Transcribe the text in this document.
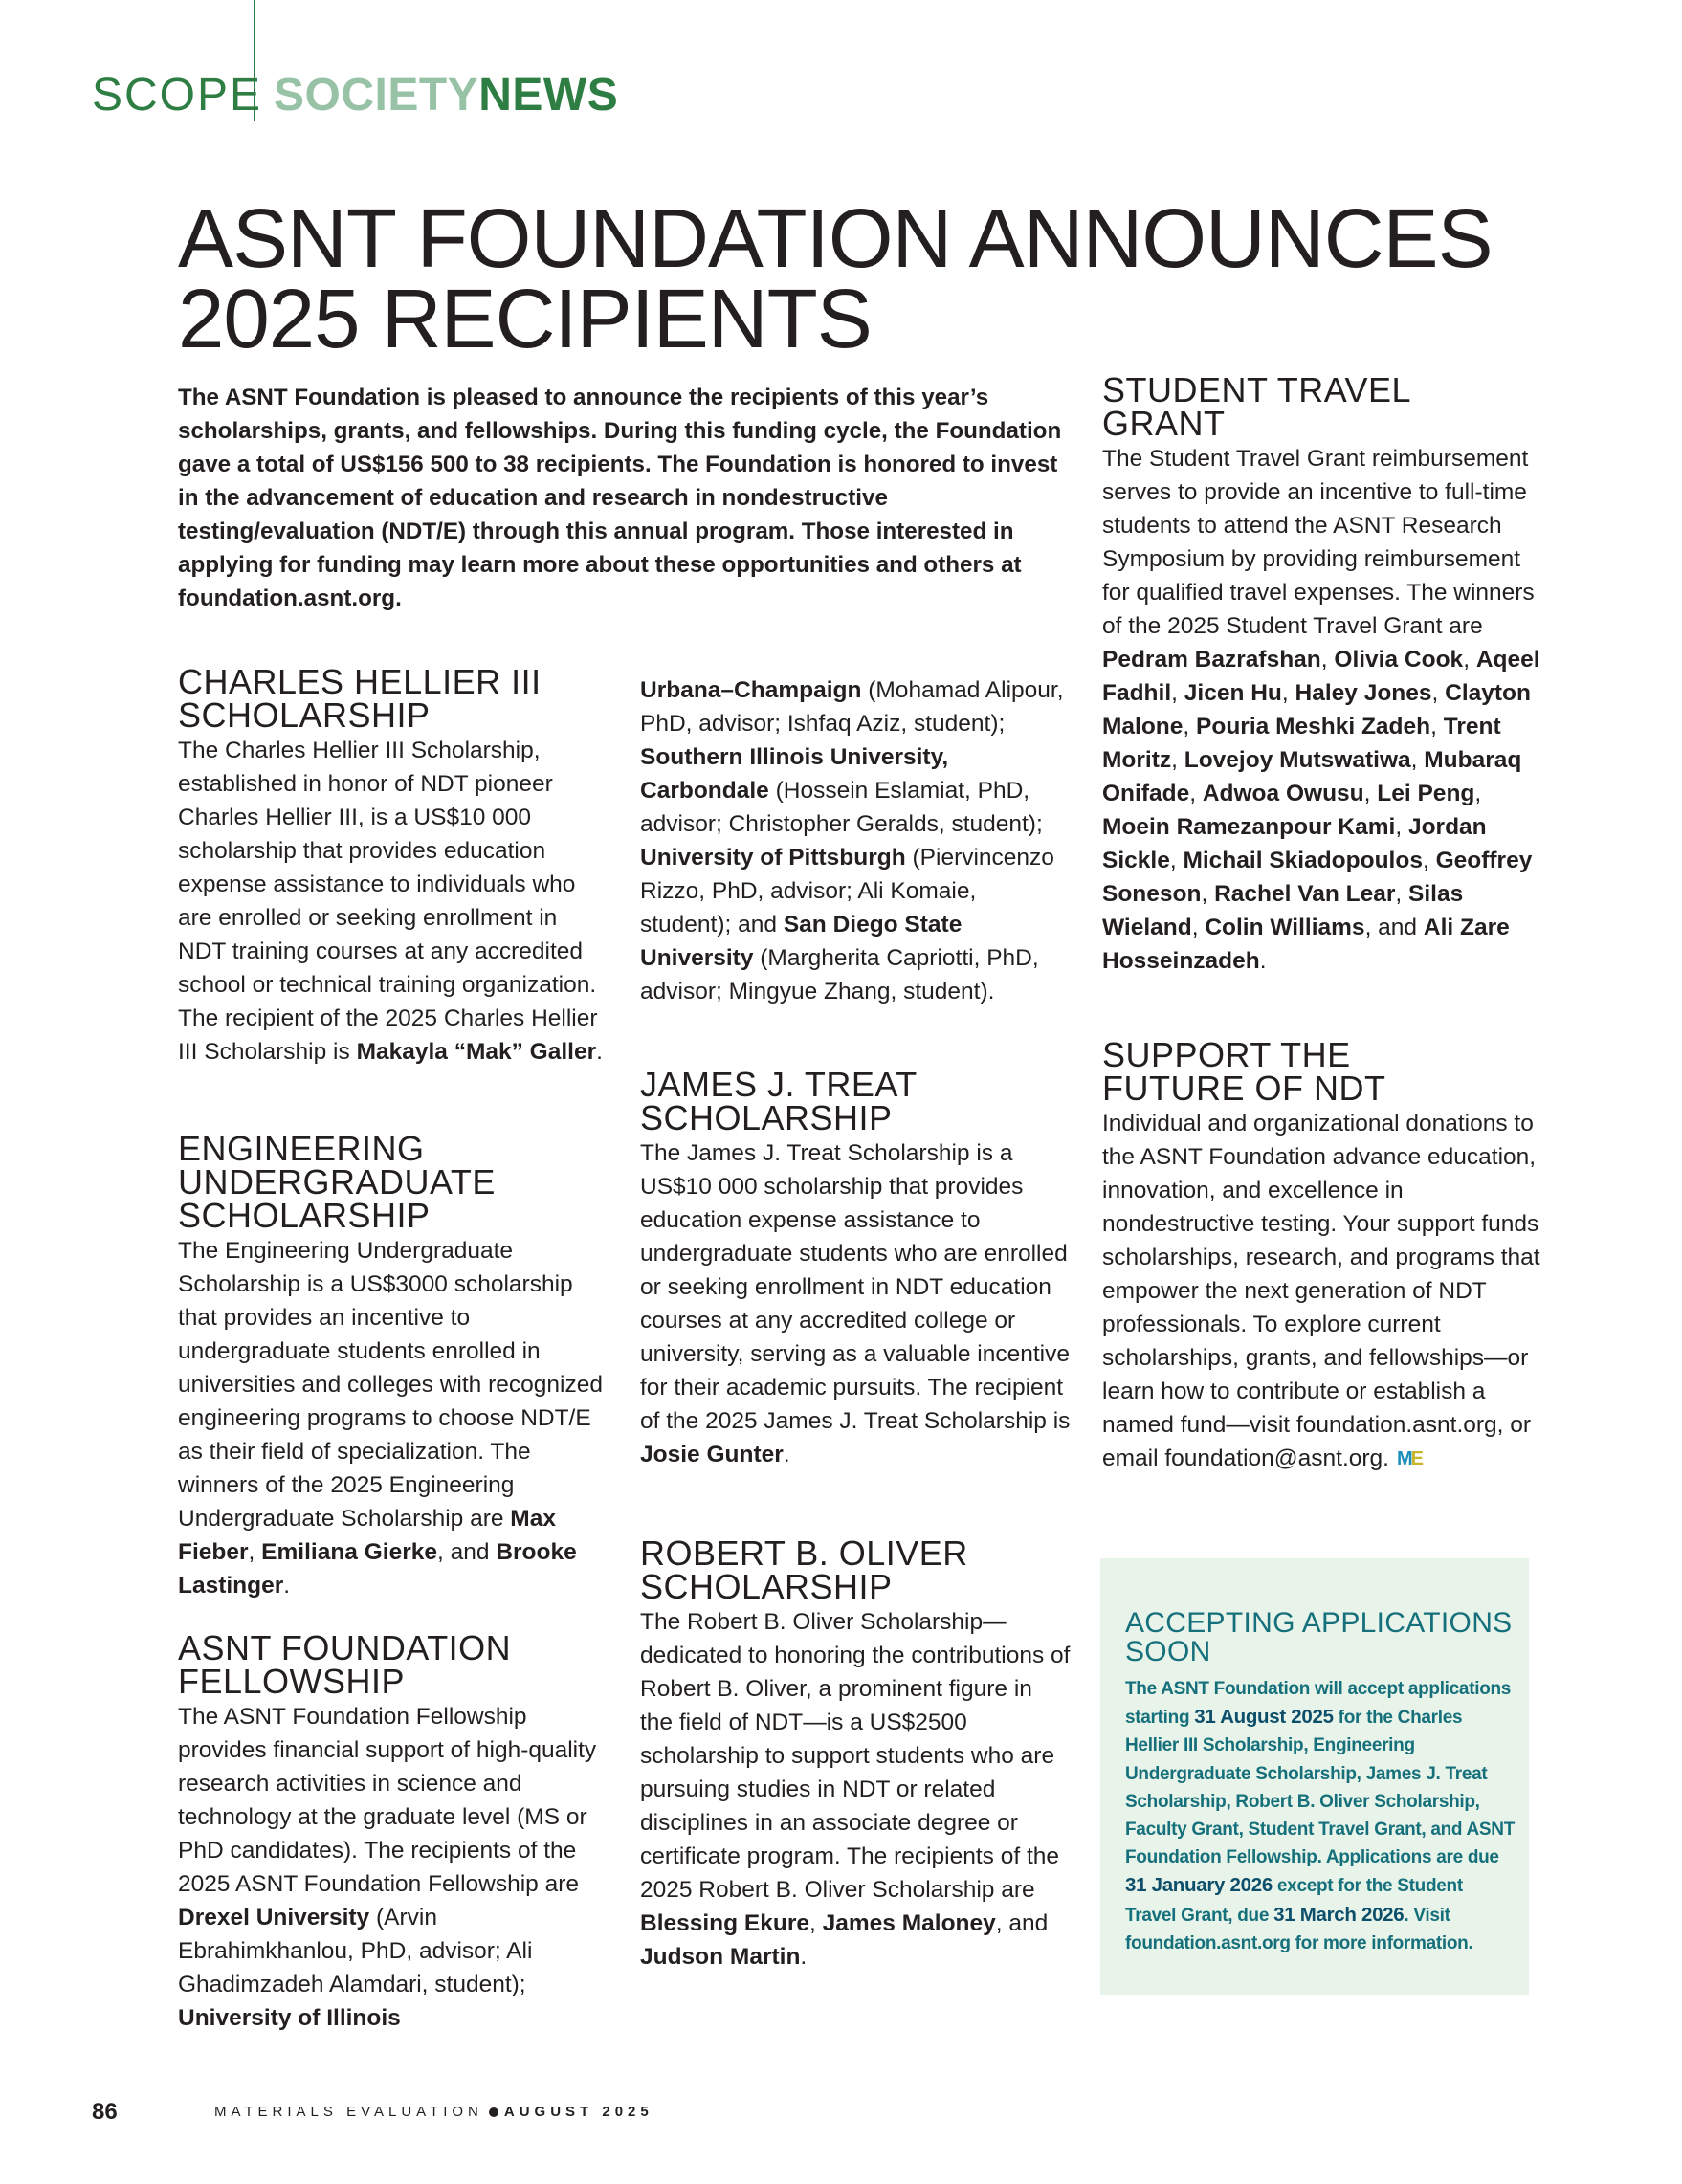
SCOPE SOCIETYNEWS
ASNT FOUNDATION ANNOUNCES
2025 RECIPIENTS
The ASNT Foundation is pleased to announce the recipients of this year’s scholarships, grants, and fellowships. During this funding cycle, the Foundation gave a total of US$156 500 to 38 recipients. The Foundation is honored to invest in the advancement of education and research in nondestructive testing/evaluation (NDT/E) through this annual program. Those interested in applying for funding may learn more about these opportunities and others at foundation.asnt.org.
CHARLES HELLIER III
SCHOLARSHIP

The Charles Hellier III Scholarship, established in honor of NDT pioneer Charles Hellier III, is a US$10 000 scholarship that provides education expense assistance to individuals who are enrolled or seeking enrollment in NDT training courses at any accredited school or technical training organization. The recipient of the 2025 Charles Hellier III Scholarship is Makayla “Mak” Galler.

ENGINEERING
UNDERGRADUATE
SCHOLARSHIP

The Engineering Undergraduate Scholarship is a US$3000 scholarship that provides an incentive to undergraduate students enrolled in universities and colleges with recognized engineering programs to choose NDT/E as their field of specialization. The winners of the 2025 Engineering Undergraduate Scholarship are Max Fieber, Emiliana Gierke, and Brooke Lastinger.

ASNT FOUNDATION
FELLOWSHIP

The ASNT Foundation Fellowship provides financial support of high-quality research activities in science and technology at the graduate level (MS or PhD candidates). The recipients of the 2025 ASNT Foundation Fellowship are Drexel University (Arvin Ebrahimkhanlou, PhD, advisor; Ali Ghadimzadeh Alamdari, student); University of Illinois

Urbana–Champaign (Mohamad Alipour, PhD, advisor; Ishfaq Aziz, student); Southern Illinois University, Carbondale (Hossein Eslamiat, PhD, advisor; Christopher Geralds, student); University of Pittsburgh (Piervincenzo Rizzo, PhD, advisor; Ali Komaie, student); and San Diego State University (Margherita Capriotti, PhD, advisor; Mingyue Zhang, student).

JAMES J. TREAT
SCHOLARSHIP

The James J. Treat Scholarship is a US$10 000 scholarship that provides education expense assistance to undergraduate students who are enrolled or seeking enrollment in NDT education courses at any accredited college or university, serving as a valuable incentive for their academic pursuits. The recipient of the 2025 James J. Treat Scholarship is Josie Gunter.

ROBERT B. OLIVER
SCHOLARSHIP

The Robert B. Oliver Scholarship—dedicated to honoring the contributions of Robert B. Oliver, a prominent figure in the field of NDT—is a US$2500 scholarship to support students who are pursuing studies in NDT or related disciplines in an associate degree or certificate program. The recipients of the 2025 Robert B. Oliver Scholarship are Blessing Ekure, James Maloney, and Judson Martin.

STUDENT TRAVEL
GRANT

The Student Travel Grant reimbursement serves to provide an incentive to full-time students to attend the ASNT Research Symposium by providing reimbursement for qualified travel expenses. The winners of the 2025 Student Travel Grant are Pedram Bazrafshan, Olivia Cook, Aqeel Fadhil, Jicen Hu, Haley Jones, Clayton Malone, Pouria Meshki Zadeh, Trent Moritz, Lovejoy Mutswatiwa, Mubaraq Onifade, Adwoa Owusu, Lei Peng, Moein Ramezanpour Kami, Jordan Sickle, Michail Skiadopoulos, Geoffrey Soneson, Rachel Van Lear, Silas Wieland, Colin Williams, and Ali Zare Hosseinzadeh.

SUPPORT THE
FUTURE OF NDT

Individual and organizational donations to the ASNT Foundation advance education, innovation, and excellence in nondestructive testing. Your support funds scholarships, research, and programs that empower the next generation of NDT professionals. To explore current scholarships, grants, and fellowships—or learn how to contribute or establish a named fund—visit foundation.asnt.org, or email foundation@asnt.org. ME

ACCEPTING APPLICATIONS
SOON

The ASNT Foundation will accept applications starting 31 August 2025 for the Charles Hellier III Scholarship, Engineering Undergraduate Scholarship, James J. Treat Scholarship, Robert B. Oliver Scholarship, Faculty Grant, Student Travel Grant, and ASNT Foundation Fellowship. Applications are due 31 January 2026 except for the Student Travel Grant, due 31 March 2026. Visit foundation.asnt.org for more information.

86	MATERIALS EVALUATION AUGUST 2025
